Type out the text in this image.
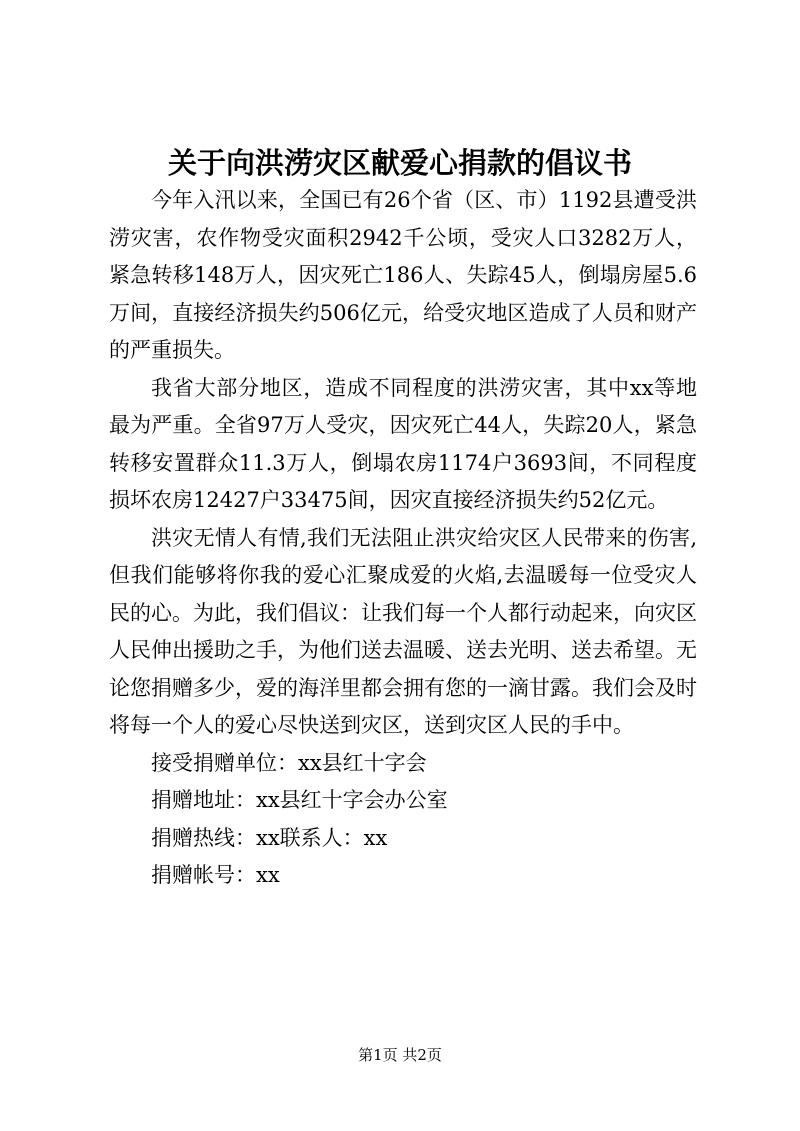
关于向洪涝灾区献爱心捐款的倡议书

今年入汛以来，全国已有26个省（区、市）1192县遭受洪涝灾害，农作物受灾面积2942千公顷，受灾人口3282万人，紧急转移148万人，因灾死亡186人、失踪45人，倒塌房屋5.6万间，直接经济损失约506亿元，给受灾地区造成了人员和财产的严重损失。

我省大部分地区，造成不同程度的洪涝灾害，其中xx等地最为严重。全省97万人受灾，因灾死亡44人，失踪20人，紧急转移安置群众11.3万人，倒塌农房1174户3693间，不同程度损坏农房12427户33475间，因灾直接经济损失约52亿元。

洪灾无情人有情,我们无法阻止洪灾给灾区人民带来的伤害,但我们能够将你我的爱心汇聚成爱的火焰,去温暖每一位受灾人民的心。为此，我们倡议：让我们每一个人都行动起来，向灾区人民伸出援助之手，为他们送去温暖、送去光明、送去希望。无论您捐赠多少，爱的海洋里都会拥有您的一滴甘露。我们会及时将每一个人的爱心尽快送到灾区，送到灾区人民的手中。

接受捐赠单位：xx县红十字会

捐赠地址：xx县红十字会办公室

捐赠热线：xx联系人：xx

捐赠帐号：xx

第1页 共2页
